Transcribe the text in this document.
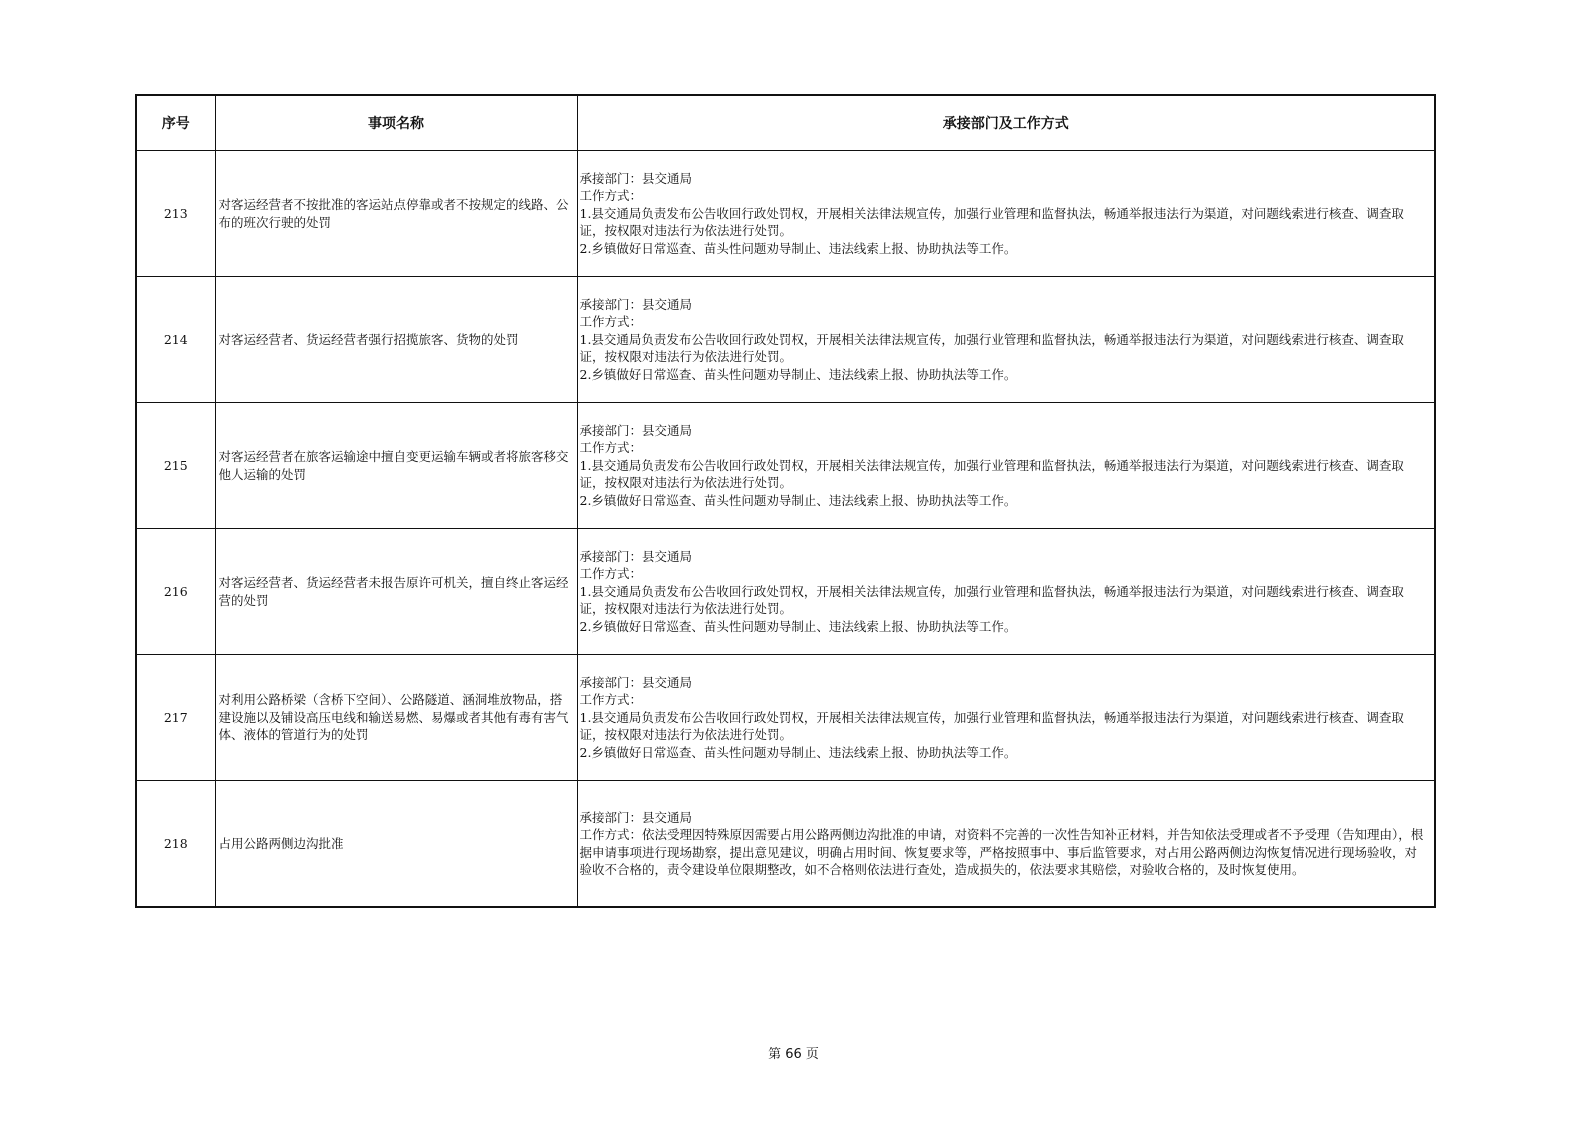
序号	事项名称	承接部门及工作方式
213	对客运经营者不按批准的客运站点停靠或者不按规定的线路、公布的班次行驶的处罚	承接部门：县交通局
工作方式：
1.县交通局负责发布公告收回行政处罚权，开展相关法律法规宣传，加强行业管理和监督执法，畅通举报违法行为渠道，对问题线索进行核查、调查取证，按权限对违法行为依法进行处罚。
2.乡镇做好日常巡查、苗头性问题劝导制止、违法线索上报、协助执法等工作。

214	对客运经营者、货运经营者强行招揽旅客、货物的处罚	承接部门：县交通局
工作方式：
1.县交通局负责发布公告收回行政处罚权，开展相关法律法规宣传，加强行业管理和监督执法，畅通举报违法行为渠道，对问题线索进行核查、调查取证，按权限对违法行为依法进行处罚。
2.乡镇做好日常巡查、苗头性问题劝导制止、违法线索上报、协助执法等工作。

215	对客运经营者在旅客运输途中擅自变更运输车辆或者将旅客移交他人运输的处罚	承接部门：县交通局
工作方式：
1.县交通局负责发布公告收回行政处罚权，开展相关法律法规宣传，加强行业管理和监督执法，畅通举报违法行为渠道，对问题线索进行核查、调查取证，按权限对违法行为依法进行处罚。
2.乡镇做好日常巡查、苗头性问题劝导制止、违法线索上报、协助执法等工作。

216	对客运经营者、货运经营者未报告原许可机关，擅自终止客运经营的处罚	承接部门：县交通局
工作方式：
1.县交通局负责发布公告收回行政处罚权，开展相关法律法规宣传，加强行业管理和监督执法，畅通举报违法行为渠道，对问题线索进行核查、调查取证，按权限对违法行为依法进行处罚。
2.乡镇做好日常巡查、苗头性问题劝导制止、违法线索上报、协助执法等工作。

217	对利用公路桥梁（含桥下空间）、公路隧道、涵洞堆放物品，搭建设施以及铺设高压电线和输送易燃、易爆或者其他有毒有害气体、液体的管道行为的处罚	承接部门：县交通局
工作方式：
1.县交通局负责发布公告收回行政处罚权，开展相关法律法规宣传，加强行业管理和监督执法，畅通举报违法行为渠道，对问题线索进行核查、调查取证，按权限对违法行为依法进行处罚。
2.乡镇做好日常巡查、苗头性问题劝导制止、违法线索上报、协助执法等工作。

218	占用公路两侧边沟批准	承接部门：县交通局
工作方式：依法受理因特殊原因需要占用公路两侧边沟批准的申请，对资料不完善的一次性告知补正材料，并告知依法受理或者不予受理（告知理由），根据申请事项进行现场勘察，提出意见建议，明确占用时间、恢复要求等，严格按照事中、事后监管要求，对占用公路两侧边沟恢复情况进行现场验收，对验收不合格的，责令建设单位限期整改，如不合格则依法进行查处，造成损失的，依法要求其赔偿，对验收合格的，及时恢复使用。
第 66 页
